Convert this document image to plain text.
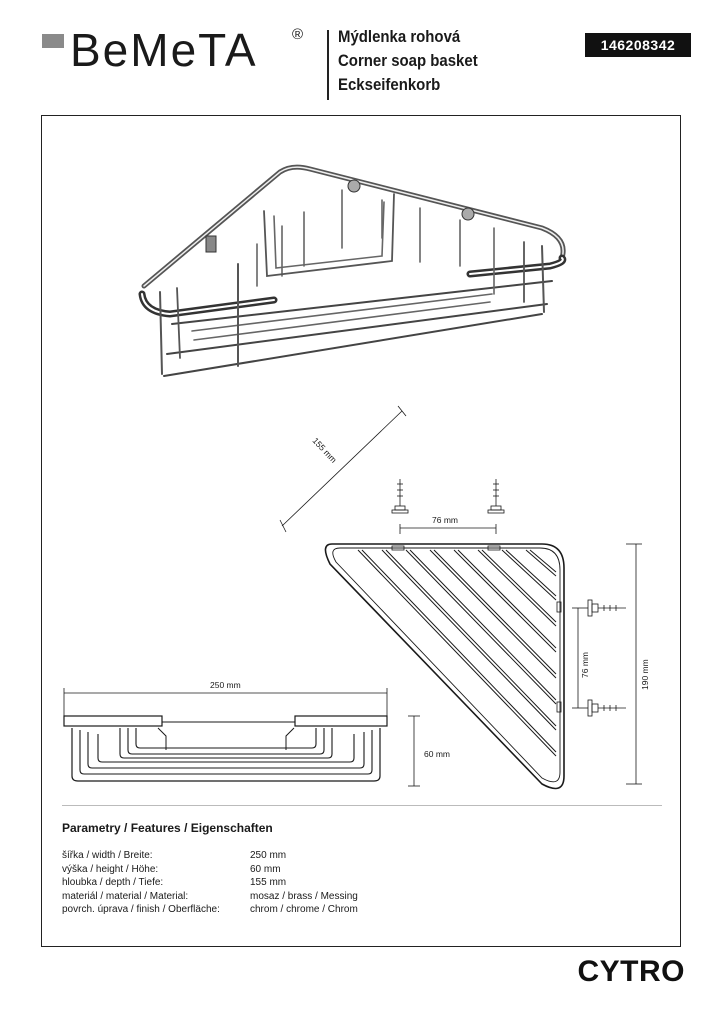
BeMeTA ® Mýdlenka rohová
Corner soap basket
Eckseifenkorb
146208342
155 mm
76 mm
76 mm	190 mm
250 mm
60 mm
Parametry / Features / Eigenschaften
šířka / width / Breite:	250 mm
výška / height / Höhe:	60 mm
hloubka / depth / Tiefe:	155 mm
materiál / material / Material:	mosaz / brass / Messing
povrch. úprava / finish / Oberfläche:	chrom / chrome / Chrom
CYTRO
